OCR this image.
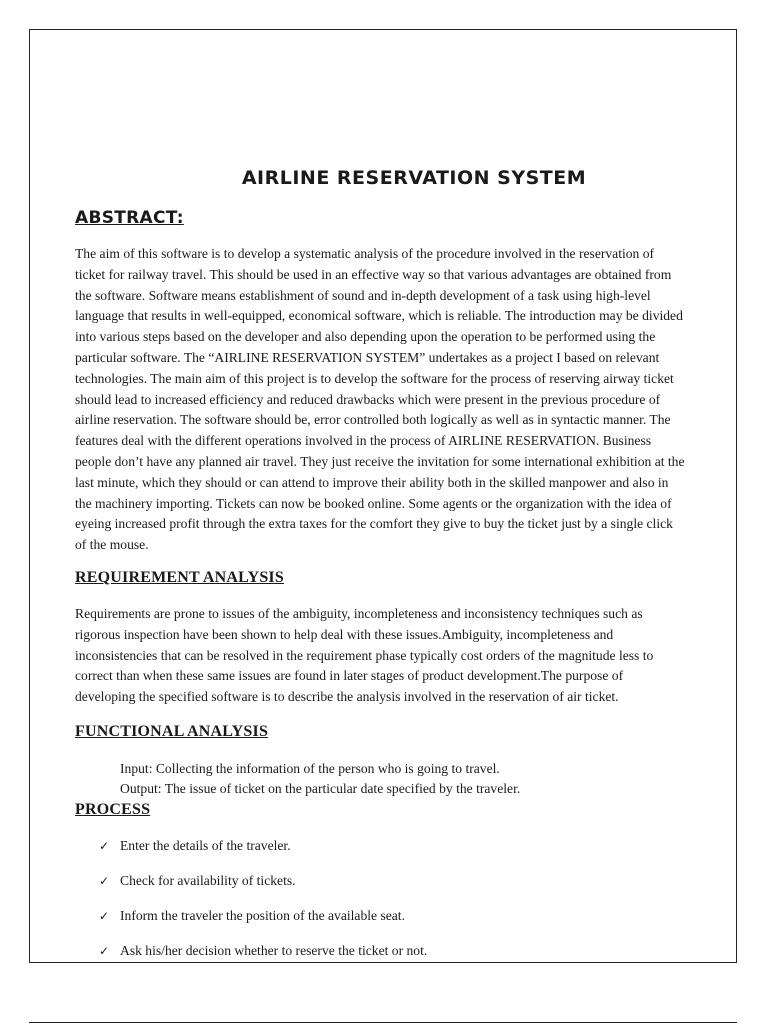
AIRLINE RESERVATION SYSTEM
ABSTRACT:

The aim of this software is to develop a systematic analysis of the procedure involved in the reservation of
ticket for railway travel. This should be used in an effective way so that various advantages are obtained from
the software. Software means establishment of sound and in-depth development of a task using high-level
language that results in well-equipped, economical software, which is reliable. The introduction may be divided
into various steps based on the developer and also depending upon the operation to be performed using the
particular software. The “AIRLINE RESERVATION SYSTEM” undertakes as a project I based on relevant
technologies. The main aim of this project is to develop the software for the process of reserving airway ticket
should lead to increased efficiency and reduced drawbacks which were present in the previous procedure of
airline reservation. The software should be, error controlled both logically as well as in syntactic manner. The
features deal with the different operations involved in the process of AIRLINE RESERVATION. Business
people don’t have any planned air travel. They just receive the invitation for some international exhibition at the
last minute, which they should or can attend to improve their ability both in the skilled manpower and also in
the machinery importing. Tickets can now be booked online. Some agents or the organization with the idea of
eyeing increased profit through the extra taxes for the comfort they give to buy the ticket just by a single click
of the mouse.

REQUIREMENT ANALYSIS

Requirements are prone to issues of the ambiguity, incompleteness and inconsistency techniques such as
rigorous inspection have been shown to help deal with these issues.Ambiguity, incompleteness and
inconsistencies that can be resolved in the requirement phase typically cost orders of the magnitude less to
correct than when these same issues are found in later stages of product development.The purpose of
developing the specified software is to describe the analysis involved in the reservation of air ticket.

FUNCTIONAL ANALYSIS

Input: Collecting the information of the person who is going to travel.

Output: The issue of ticket on the particular date specified by the traveler.

PROCESS
✓ Enter the details of the traveler.
✓ Check for availability of tickets.
✓ Inform the traveler the position of the available seat.
✓ Ask his/her decision whether to reserve the ticket or not.
